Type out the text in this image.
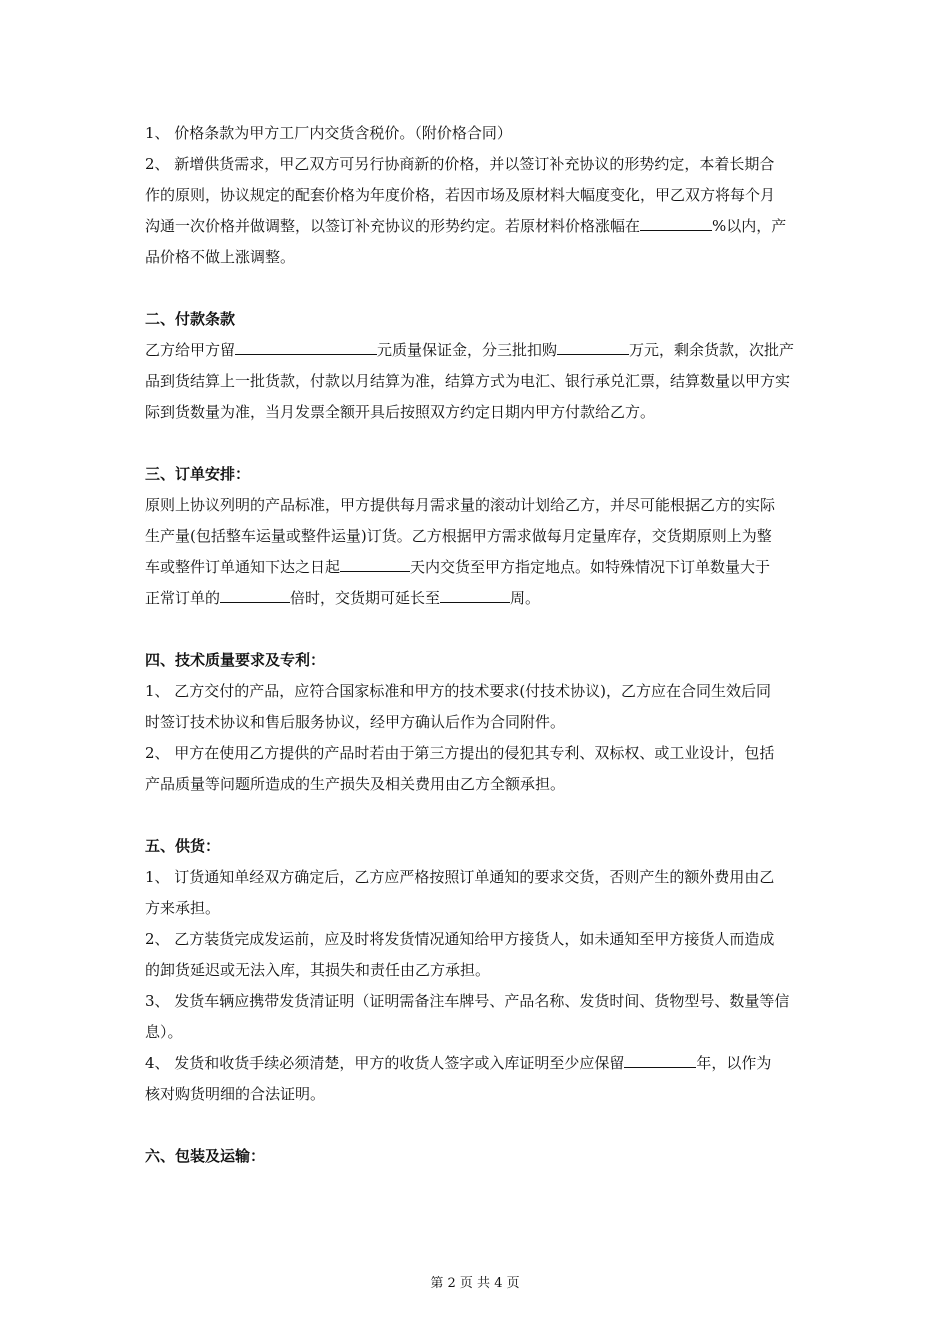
1、 价格条款为甲方工厂内交货含税价。（附价格合同）
2、 新增供货需求，甲乙双方可另行协商新的价格，并以签订补充协议的形势约定，本着长期合
作的原则，协议规定的配套价格为年度价格，若因市场及原材料大幅度变化，甲乙双方将每个月
沟通一次价格并做调整，以签订补充协议的形势约定。若原材料价格涨幅在	%以内，产
品价格不做上涨调整。
二、付款条款
乙方给甲方留	元质量保证金，分三批扣购	万元，剩余货款，次批产
品到货结算上一批货款，付款以月结算为准，结算方式为电汇、银行承兑汇票，结算数量以甲方实
际到货数量为准，当月发票全额开具后按照双方约定日期内甲方付款给乙方。
三、订单安排：
原则上协议列明的产品标准，甲方提供每月需求量的滚动计划给乙方，并尽可能根据乙方的实际
生产量(包括整车运量或整件运量)订货。乙方根据甲方需求做每月定量库存，交货期原则上为整
车或整件订单通知下达之日起	天内交货至甲方指定地点。如特殊情况下订单数量大于
正常订单的	倍时，交货期可延长至	周。
四、技术质量要求及专利：
1、 乙方交付的产品，应符合国家标准和甲方的技术要求(付技术协议)，乙方应在合同生效后同
时签订技术协议和售后服务协议，经甲方确认后作为合同附件。
2、 甲方在使用乙方提供的产品时若由于第三方提出的侵犯其专利、双标权、或工业设计，包括
产品质量等问题所造成的生产损失及相关费用由乙方全额承担。
五、供货：
1、 订货通知单经双方确定后，乙方应严格按照订单通知的要求交货，否则产生的额外费用由乙
方来承担。
2、 乙方装货完成发运前，应及时将发货情况通知给甲方接货人，如未通知至甲方接货人而造成
的卸货延迟或无法入库，其损失和责任由乙方承担。
3、 发货车辆应携带发货清证明（证明需备注车牌号、产品名称、发货时间、货物型号、数量等信
息）。
4、 发货和收货手续必须清楚，甲方的收货人签字或入库证明至少应保留	年，以作为
核对购货明细的合法证明。
六、包装及运输：
第 2 页 共 4 页
